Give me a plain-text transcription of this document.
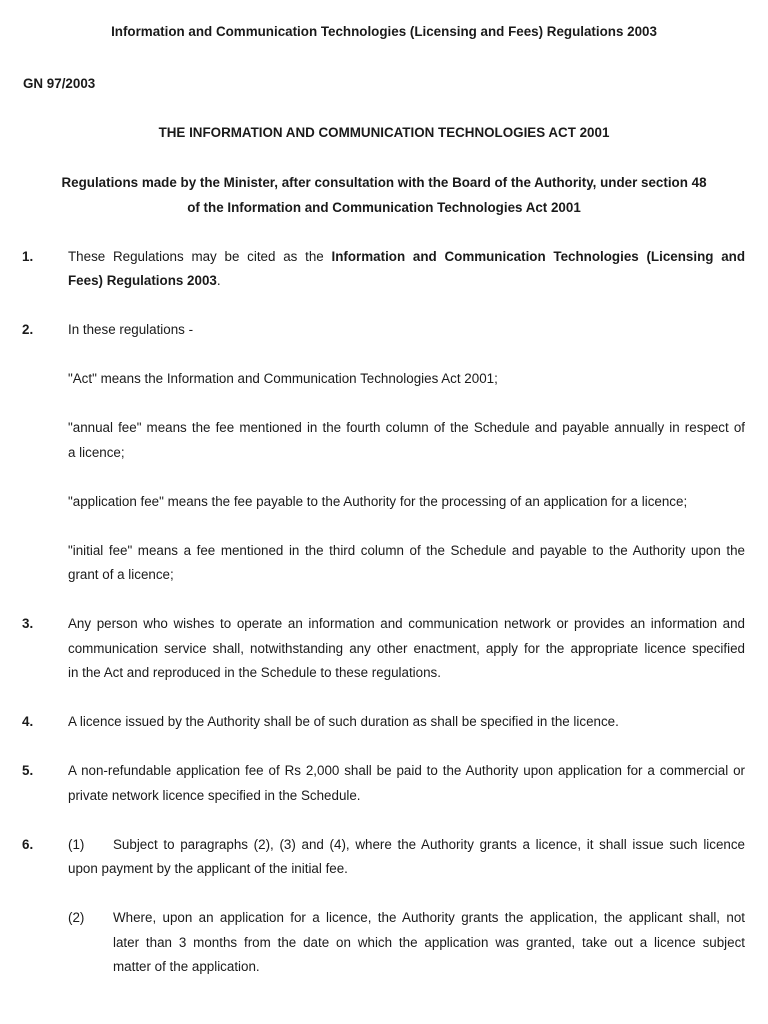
Information and Communication Technologies (Licensing and Fees) Regulations 2003

GN 97/2003

THE INFORMATION AND COMMUNICATION TECHNOLOGIES ACT 2001

Regulations made by the Minister, after consultation with the Board of the Authority, under section 48

of the Information and Communication Technologies Act 2001

1.	These Regulations may be cited as the Information and Communication Technologies (Licensing and

Fees) Regulations 2003.

2.	In these regulations -

"Act" means the Information and Communication Technologies Act 2001;

"annual fee" means the fee mentioned in the fourth column of the Schedule and payable annually in respect of

a licence;

"application fee" means the fee payable to the Authority for the processing of an application for a licence;

"initial fee" means a fee mentioned in the third column of the Schedule and payable to the Authority upon the

grant of a licence;

3.	Any person who wishes to operate an information and communication network or provides an information and

communication service shall, notwithstanding any other enactment, apply for the appropriate licence specified

in the Act and reproduced in the Schedule to these regulations.

4.	A licence issued by the Authority shall be of such duration as shall be specified in the licence.

5.	A non-refundable application fee of Rs 2,000 shall be paid to the Authority upon application for a commercial or

private network licence specified in the Schedule.

6.	(1) Subject to paragraphs (2), (3) and (4), where the Authority grants a licence, it shall issue such licence

upon payment by the applicant of the initial fee.

(2) Where, upon an application for a licence, the Authority grants the application, the applicant shall, not

later than 3 months from the date on which the application was granted, take out a licence subject

matter of the application.
